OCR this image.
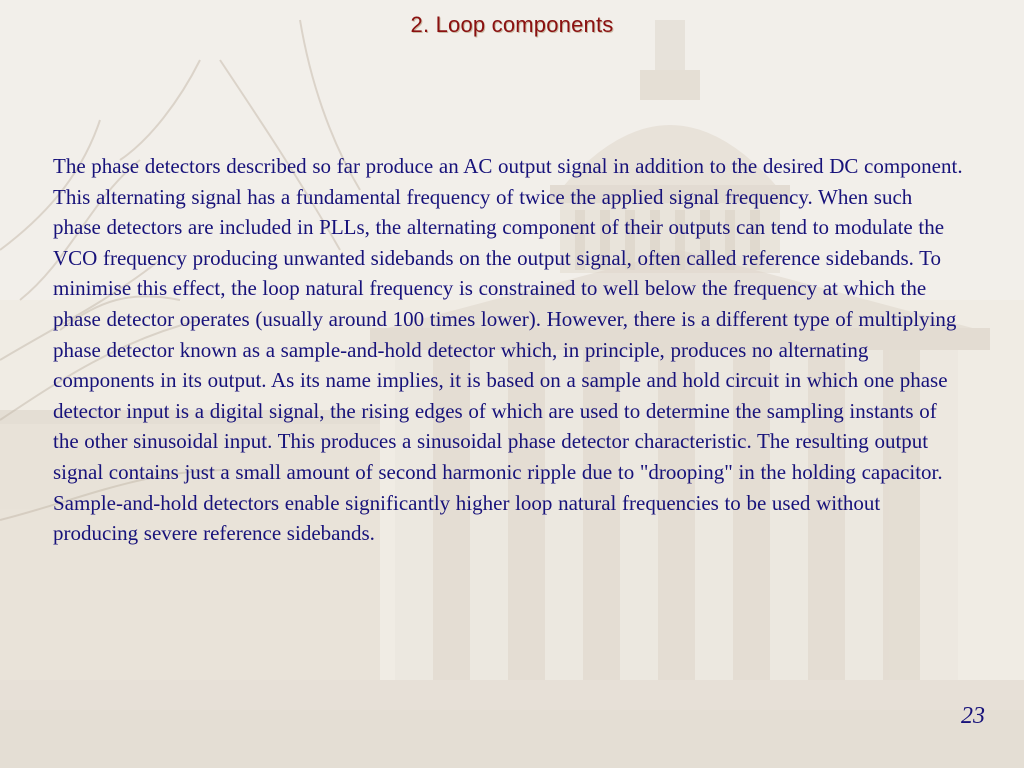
2. Loop components

The phase detectors described so far produce an AC output signal in addition to the desired DC component. This alternating signal has a fundamental frequency of twice the applied signal frequency. When such phase detectors are included in PLLs, the alternating component of their outputs can tend to modulate the VCO frequency producing unwanted sidebands on the output signal, often called reference sidebands. To minimise this effect, the loop natural frequency is constrained to well below the frequency at which the phase detector operates (usually around 100 times lower). However, there is a different type of multiplying phase detector known as a sample-and-hold detector which, in principle, produces no alternating components in its output. As its name implies, it is based on a sample and hold circuit in which one phase detector input is a digital signal, the rising edges of which are used to determine the sampling instants of the other sinusoidal input. This produces a sinusoidal phase detector characteristic. The resulting output signal contains just a small amount of second harmonic ripple due to "drooping" in the holding capacitor. Sample-and-hold detectors enable significantly higher loop natural frequencies to be used without producing severe reference sidebands.

23
